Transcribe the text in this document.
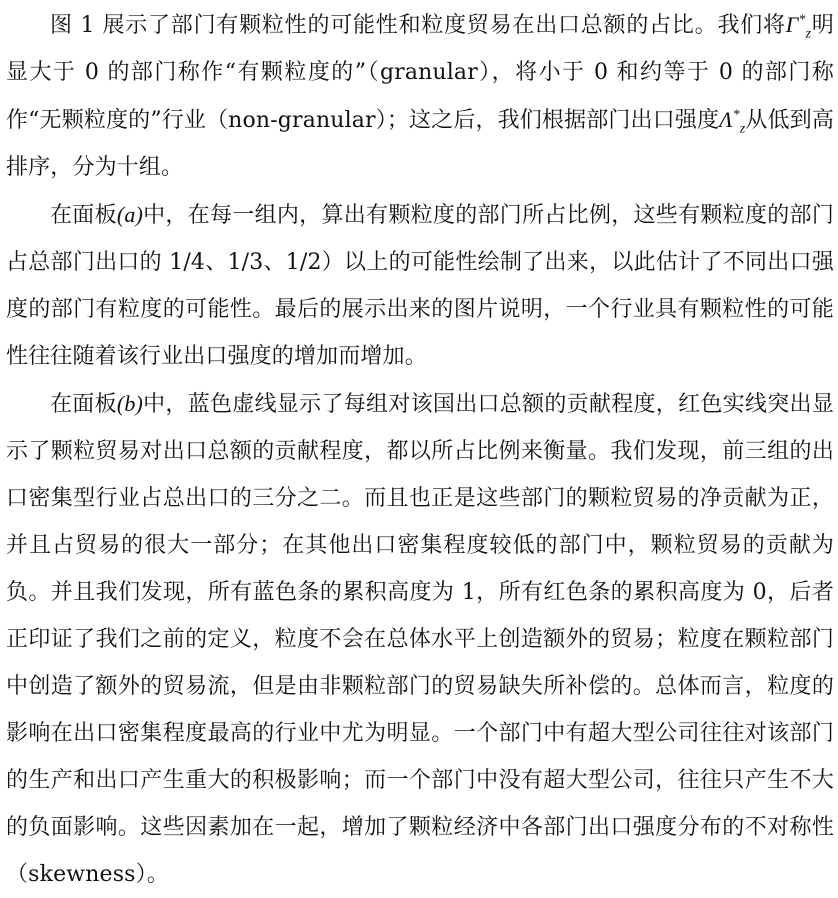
图 1 展示了部门有颗粒性的可能性和粒度贸易在出口总额的占比。我们将$\Gamma^*_z$明显大于 0 的部门称作“有颗粒度的”（granular），将小于 0 和约等于 0 的部门称作“无颗粒度的”行业（non-granular）；这之后，我们根据部门出口强度$\Lambda^*_z$从低到高排序，分为十组。

在面板(a)中，在每一组内，算出有颗粒度的部门所占比例，这些有颗粒度的部门占总部门出口的 1/4、1/3、1/2）以上的可能性绘制了出来，以此估计了不同出口强度的部门有粒度的可能性。最后的展示出来的图片说明，一个行业具有颗粒性的可能性往往随着该行业出口强度的增加而增加。

在面板(b)中，蓝色虚线显示了每组对该国出口总额的贡献程度，红色实线突出显示了颗粒贸易对出口总额的贡献程度，都以所占比例来衡量。我们发现，前三组的出口密集型行业占总出口的三分之二。而且也正是这些部门的颗粒贸易的净贡献为正，并且占贸易的很大一部分；在其他出口密集程度较低的部门中，颗粒贸易的贡献为负。并且我们发现，所有蓝色条的累积高度为 1，所有红色条的累积高度为 0，后者正印证了我们之前的定义，粒度不会在总体水平上创造额外的贸易；粒度在颗粒部门中创造了额外的贸易流，但是由非颗粒部门的贸易缺失所补偿的。总体而言，粒度的影响在出口密集程度最高的行业中尤为明显。一个部门中有超大型公司往往对该部门的生产和出口产生重大的积极影响；而一个部门中没有超大型公司，往往只产生不大的负面影响。这些因素加在一起，增加了颗粒经济中各部门出口强度分布的不对称性（skewness）。
